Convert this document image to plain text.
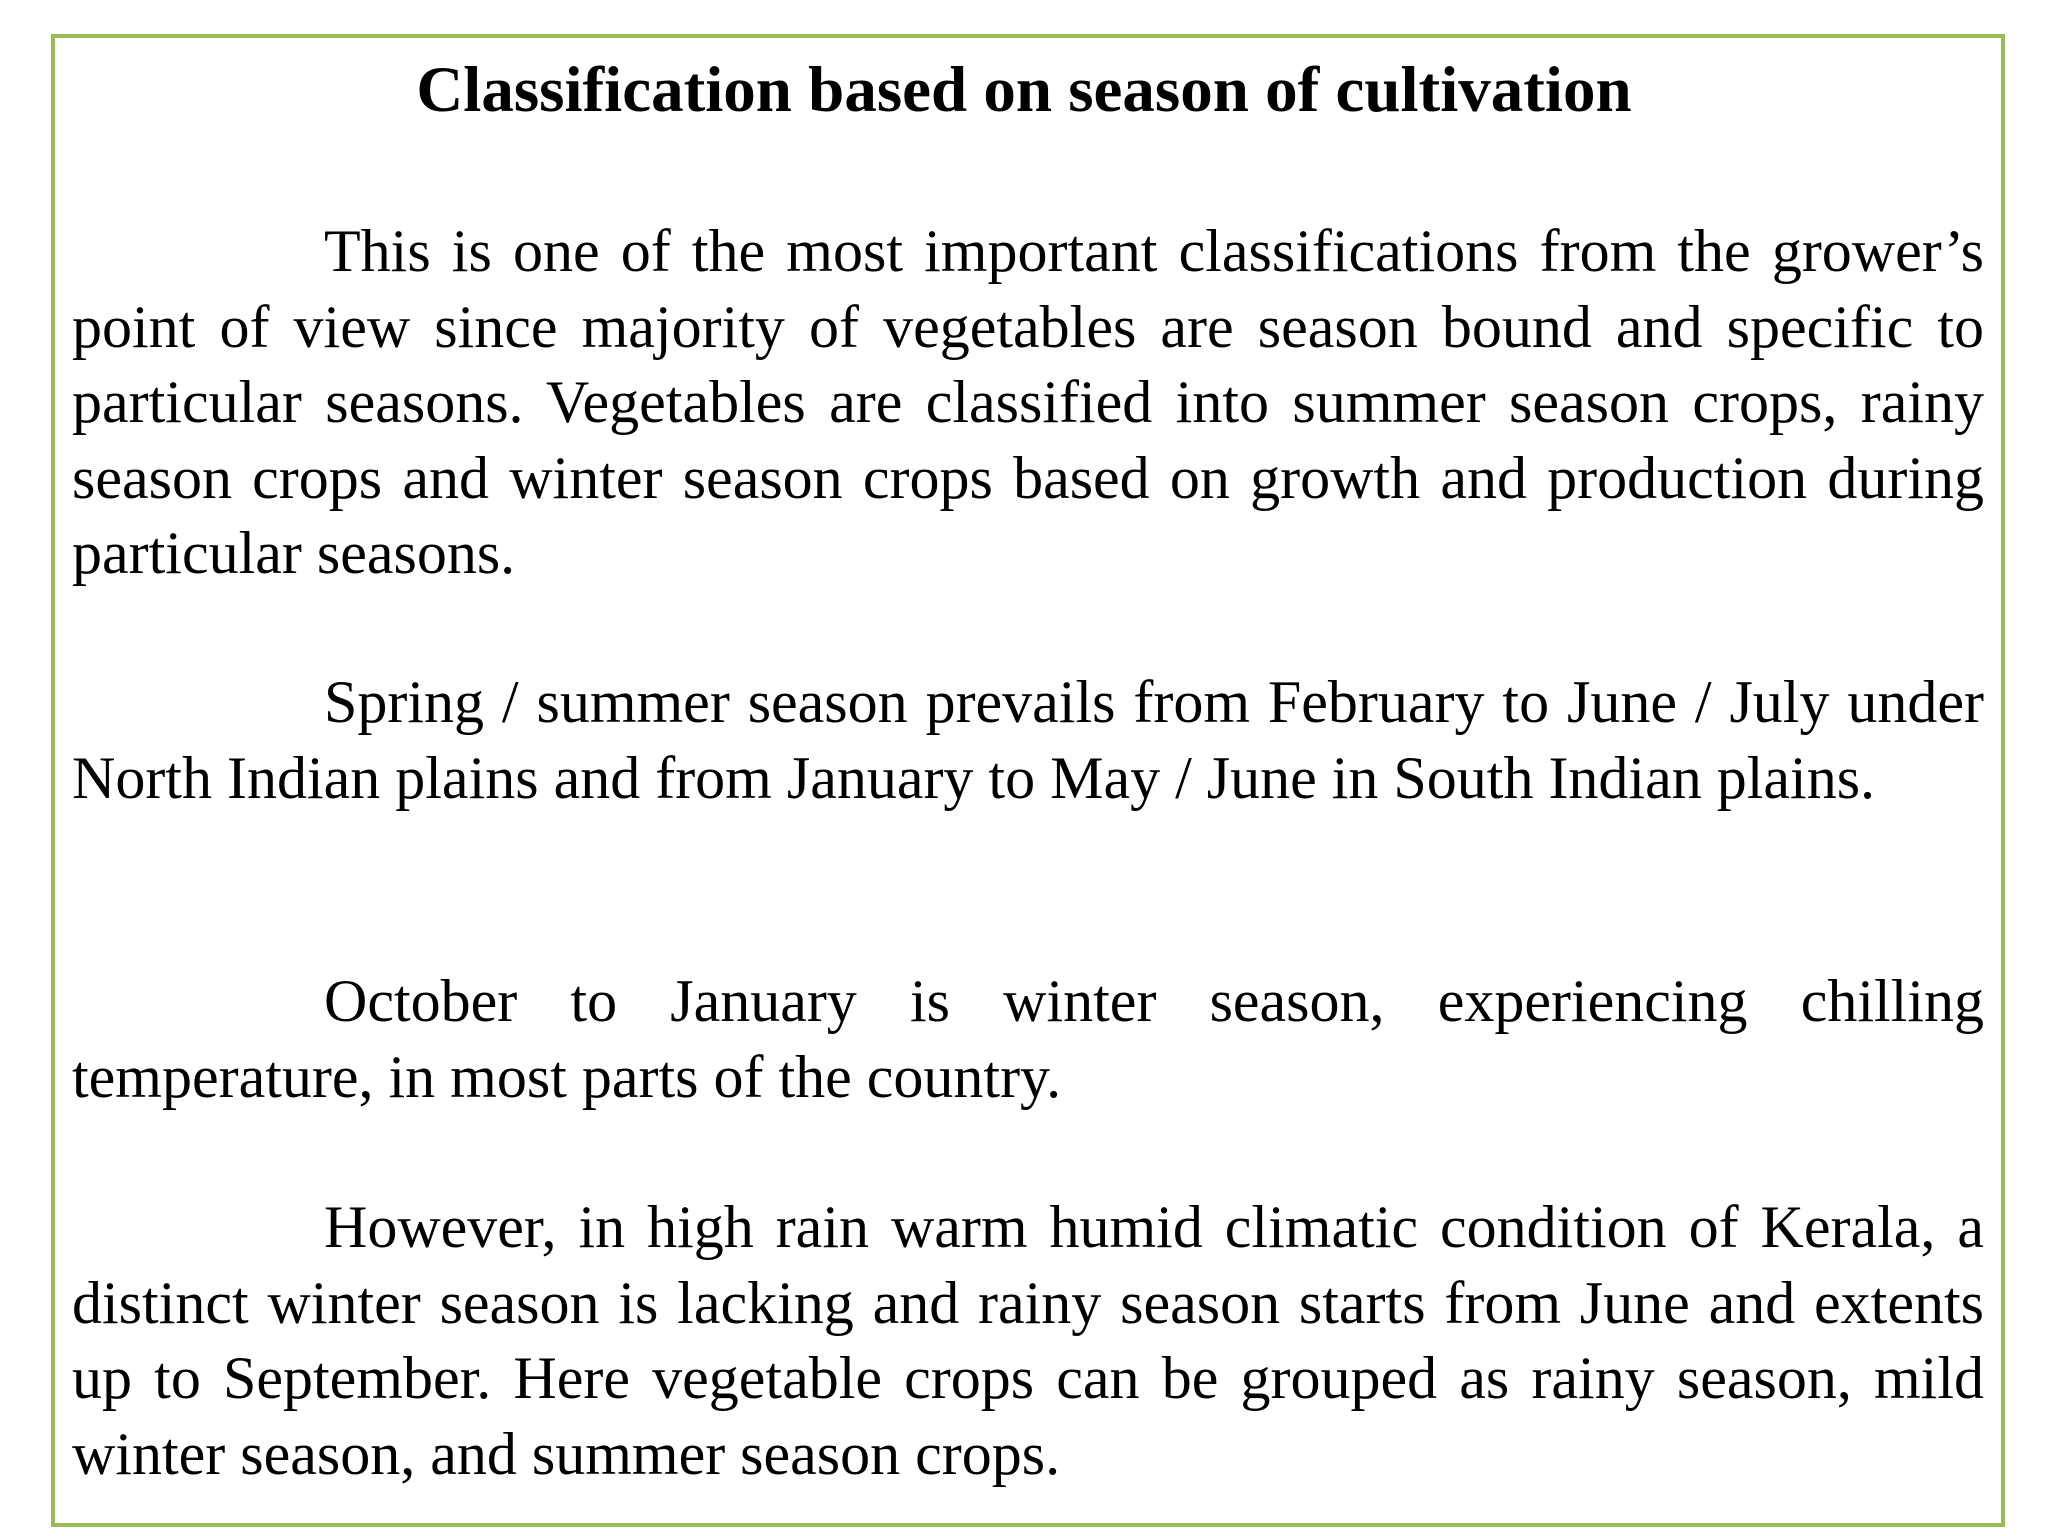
Classification based on season of cultivation

This is one of the most important classifications from the grower’s point of view since majority of vegetables are season bound and specific to particular seasons. Vegetables are classified into summer season crops, rainy season crops and winter season crops based on growth and production during particular seasons.

Spring / summer season prevails from February to June / July under North Indian plains and from January to May / June in South Indian plains.

October to January is winter season, experiencing chilling temperature, in most parts of the country.

However, in high rain warm humid climatic condition of Kerala, a distinct winter season is lacking and rainy season starts from June and extents up to September. Here vegetable crops can be grouped as rainy season, mild winter season, and summer season crops.
